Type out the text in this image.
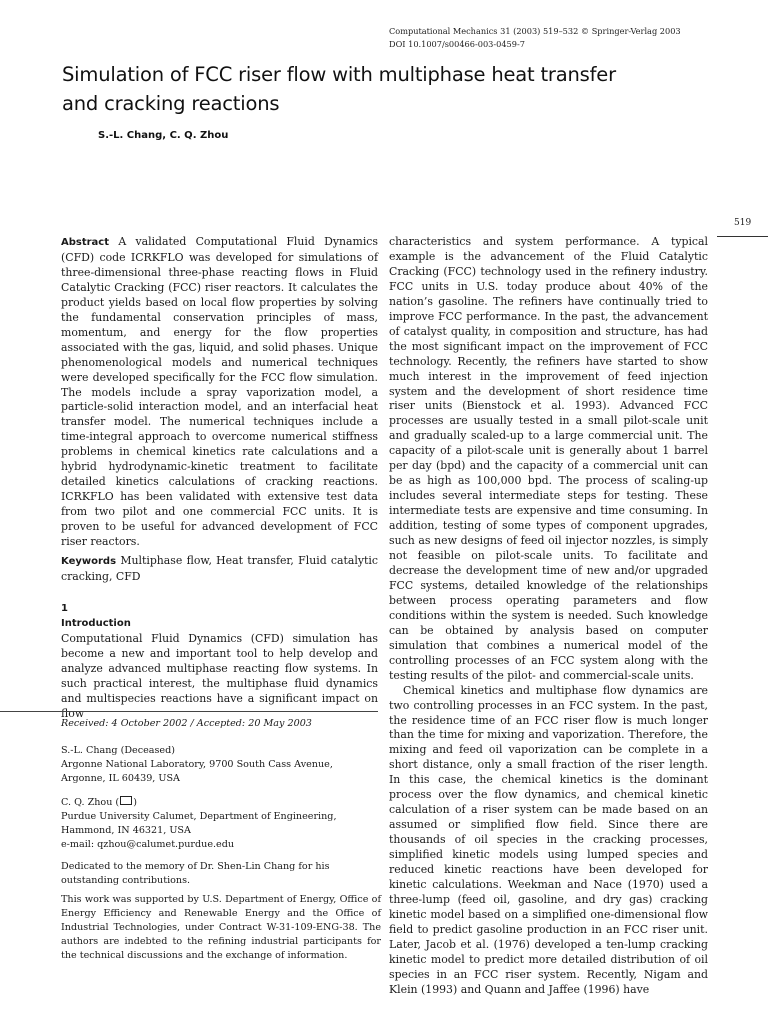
Computational Mechanics 31 (2003) 519–532 © Springer-Verlag 2003
DOI 10.1007/s00466-003-0459-7
Simulation of FCC riser flow with multiphase heat transfer
and cracking reactions
S.-L. Chang, C. Q. Zhou
519

Abstract A validated Computational Fluid Dynamics (CFD) code ICRKFLO was developed for simulations of three-dimensional three-phase reacting flows in Fluid Catalytic Cracking (FCC) riser reactors. It calculates the product yields based on local flow properties by solving the fundamental conservation principles of mass, momentum, and energy for the flow properties associated with the gas, liquid, and solid phases. Unique phenomenological models and numerical techniques were developed specifically for the FCC flow simulation. The models include a spray vaporization model, a particle-solid interaction model, and an interfacial heat transfer model. The numerical techniques include a time-integral approach to overcome numerical stiffness problems in chemical kinetics rate calculations and a hybrid hydrodynamic-kinetic treatment to facilitate detailed kinetics calculations of cracking reactions. ICRKFLO has been validated with extensive test data from two pilot and one commercial FCC units. It is proven to be useful for advanced development of FCC riser reactors.

Keywords Multiphase flow, Heat transfer, Fluid catalytic cracking, CFD

1

Introduction

Computational Fluid Dynamics (CFD) simulation has become a new and important tool to help develop and analyze advanced multiphase reacting flow systems. In such practical interest, the multiphase fluid dynamics and multispecies reactions have a significant impact on flow

characteristics and system performance. A typical example is the advancement of the Fluid Catalytic Cracking (FCC) technology used in the refinery industry. FCC units in U.S. today produce about 40% of the nation’s gasoline. The refiners have continually tried to improve FCC performance. In the past, the advancement of catalyst quality, in composition and structure, has had the most significant impact on the improvement of FCC technology. Recently, the refiners have started to show much interest in the improvement of feed injection system and the development of short residence time riser units (Bienstock et al. 1993). Advanced FCC processes are usually tested in a small pilot-scale unit and gradually scaled-up to a large commercial unit. The capacity of a pilot-scale unit is generally about 1 barrel per day (bpd) and the capacity of a commercial unit can be as high as 100,000 bpd. The process of scaling-up includes several intermediate steps for testing. These intermediate tests are expensive and time consuming. In addition, testing of some types of component upgrades, such as new designs of feed oil injector nozzles, is simply not feasible on pilot-scale units. To facilitate and decrease the development time of new and/or upgraded FCC systems, detailed knowledge of the relationships between process operating parameters and flow conditions within the system is needed. Such knowledge can be obtained by analysis based on computer simulation that combines a numerical model of the controlling processes of an FCC system along with the testing results of the pilot- and commercial-scale units.

Chemical kinetics and multiphase flow dynamics are two controlling processes in an FCC system. In the past, the residence time of an FCC riser flow is much longer than the time for mixing and vaporization. Therefore, the mixing and feed oil vaporization can be complete in a short distance, only a small fraction of the riser length. In this case, the chemical kinetics is the dominant process over the flow dynamics, and chemical kinetic calculation of a riser system can be made based on an assumed or simplified flow field. Since there are thousands of oil species in the cracking processes, simplified kinetic models using lumped species and reduced kinetic reactions have been developed for kinetic calculations. Weekman and Nace (1970) used a three-lump (feed oil, gasoline, and dry gas) cracking kinetic model based on a simplified one-dimensional flow field to predict gasoline production in an FCC riser unit. Later, Jacob et al. (1976) developed a ten-lump cracking kinetic model to predict more detailed distribution of oil species in an FCC riser system. Recently, Nigam and Klein (1993) and Quann and Jaffee (1996) have

Received: 4 October 2002 / Accepted: 20 May 2003

S.-L. Chang (Deceased)

Argonne National Laboratory, 9700 South Cass Avenue,

Argonne, IL 60439, USA

C. Q. Zhou ( )

Purdue University Calumet, Department of Engineering,

Hammond, IN 46321, USA

e-mail: qzhou@calumet.purdue.edu

Dedicated to the memory of Dr. Shen-Lin Chang for his outstanding contributions.
This work was supported by U.S. Department of Energy, Office of Energy Efficiency and Renewable Energy and the Office of Industrial Technologies, under Contract W-31-109-ENG-38. The authors are indebted to the refining industrial participants for the technical discussions and the exchange of information.
